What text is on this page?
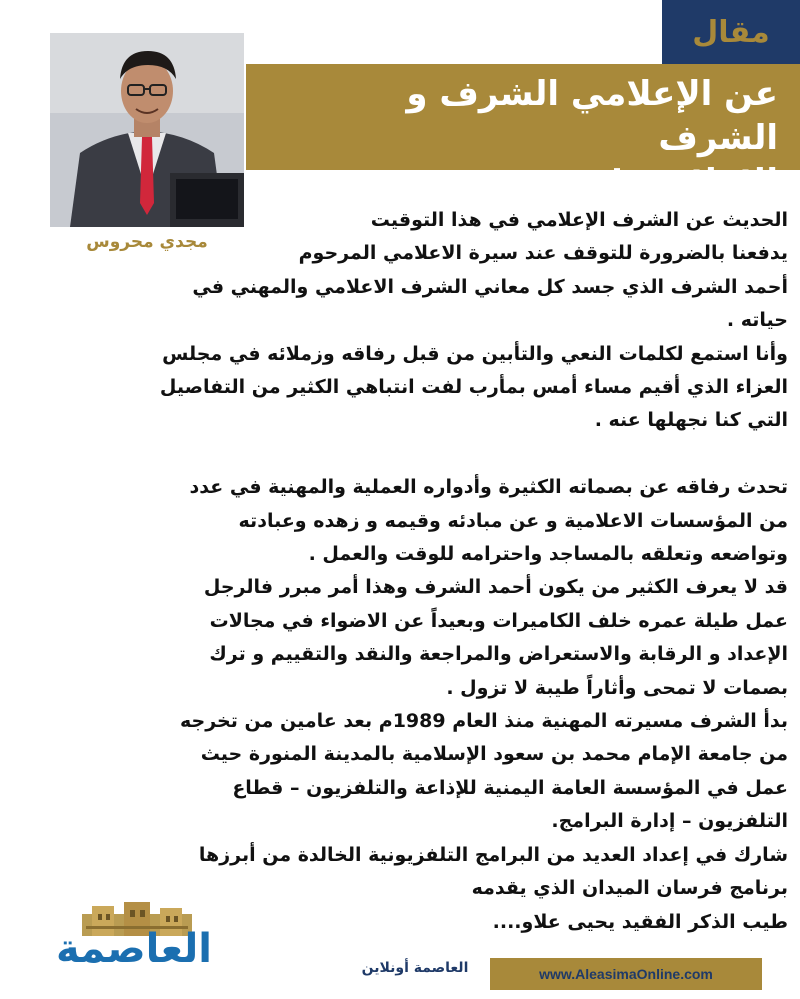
مقال
عن الإعلامي الشرف و الشرف
الاعلامي !
مجدي محروس
الحديث عن الشرف الإعلامي في هذا التوقيت
يدفعنا بالضرورة للتوقف عند سيرة الاعلامي المرحوم
أحمد الشرف الذي جسد كل معاني الشرف الاعلامي والمهني في
حياته .
وأنا استمع لكلمات النعي والتأبين من قبل رفاقه وزملائه في مجلس
العزاء الذي أقيم مساء أمس بمأرب لفت انتباهي الكثير من التفاصيل
التي كنا نجهلها عنه .
تحدث رفاقه عن بصماته الكثيرة وأدواره العملية والمهنية في عدد
من المؤسسات الاعلامية و عن مبادئه وقيمه و زهده وعبادته
وتواضعه وتعلقه بالمساجد واحترامه للوقت والعمل .
قد لا يعرف الكثير من يكون أحمد الشرف وهذا أمر مبرر فالرجل
عمل طيلة عمره خلف الكاميرات وبعيداً عن الاضواء في مجالات
الإعداد و الرقابة والاستعراض والمراجعة والنقد والتقييم و ترك
بصمات لا تمحى وأثاراً طيبة لا تزول .
بدأ الشرف مسيرته المهنية منذ العام 1989م بعد عامين من تخرجه
من جامعة الإمام محمد بن سعود الإسلامية بالمدينة المنورة حيث
عمل في المؤسسة العامة اليمنية للإذاعة والتلفزيون – قطاع
التلفزيون – إدارة البرامج.
شارك في إعداد العديد من البرامج التلفزيونية الخالدة من أبرزها
برنامج فرسان الميدان الذي يقدمه
طيب الذكر الفقيد يحيى علاو....
العاصمة	العاصمة أونلاين	www.AleasimaOnline.com
